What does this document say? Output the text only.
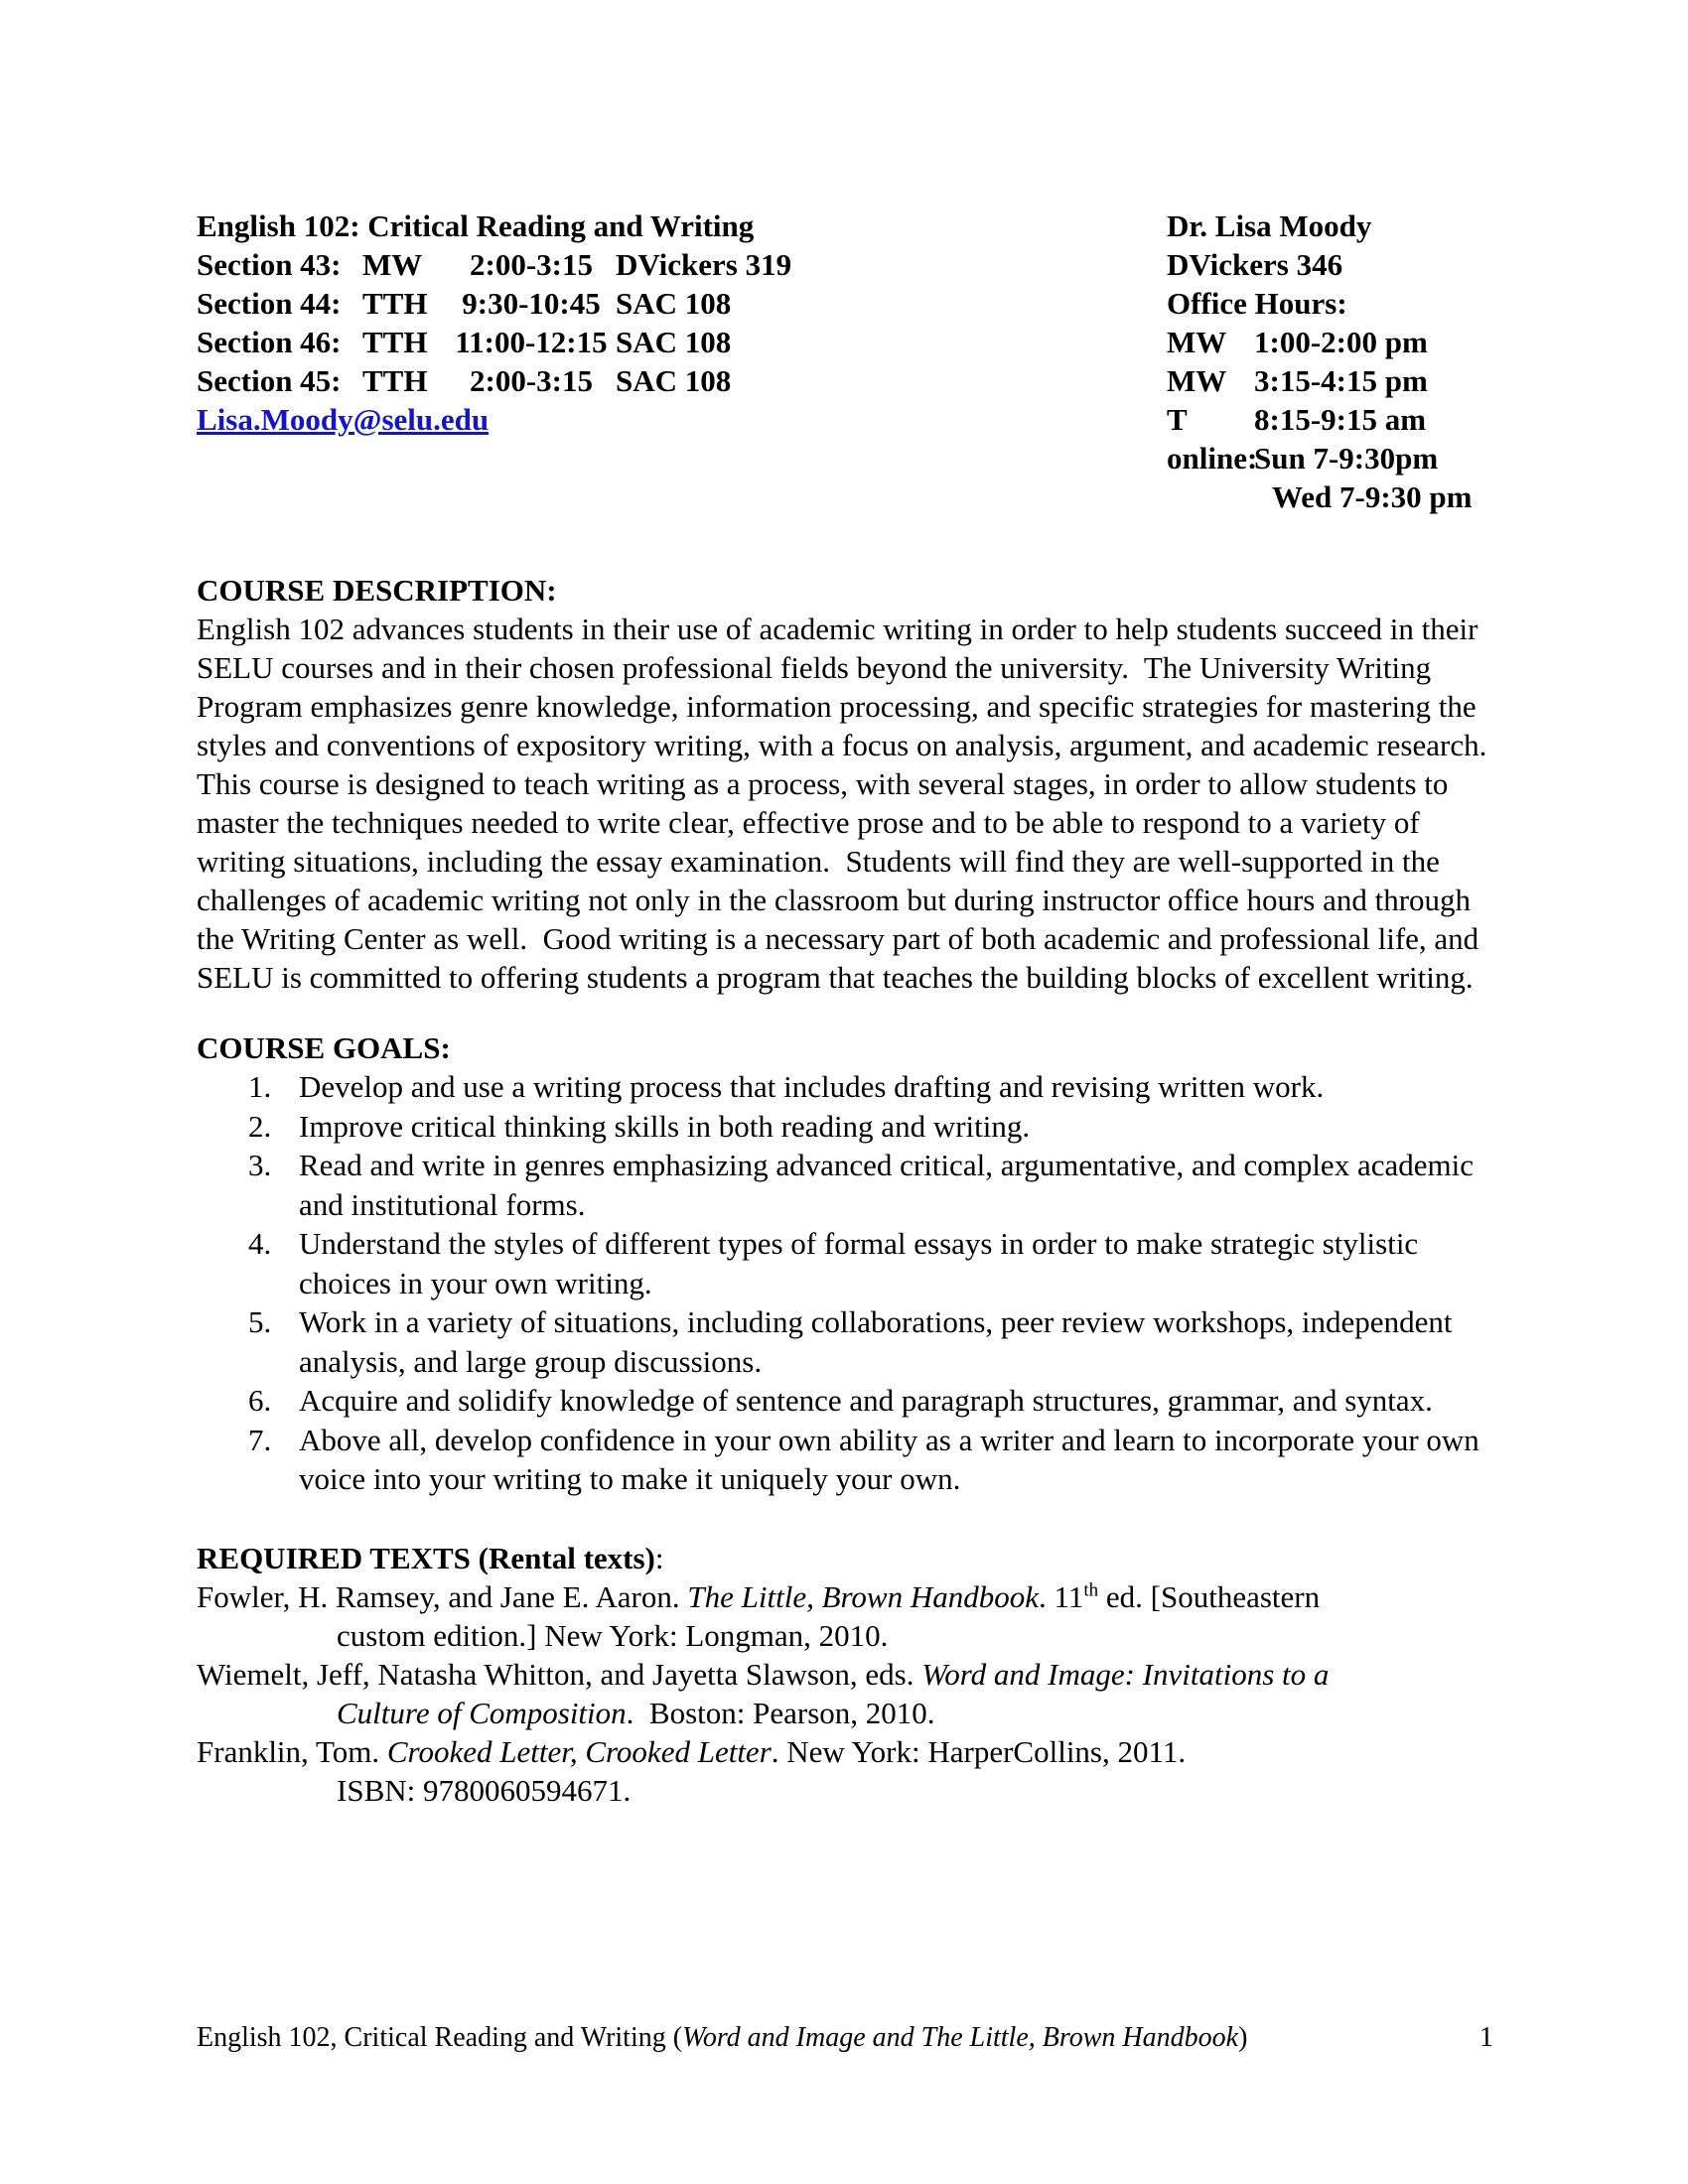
English 102: Critical Reading and Writing
Section 43: MW	2:00-3:15 DVickers 319
Section 44: TTH	9:30-10:45 SAC 108
Section 46: TTH 11:00-12:15 SAC 108
Section 45: TTH	2:00-3:15 SAC 108
Lisa.Moody@selu.edu
Dr. Lisa Moody
DVickers 346
Office Hours:
MW 1:00-2:00 pm
MW 3:15-4:15 pm
T	8:15-9:15 am
online:
Sun 7-9:30pm
Wed 7-9:30 pm
COURSE DESCRIPTION:
English 102 advances students in their use of academic writing in order to help students succeed in their SELU courses and in their chosen professional fields beyond the university.  The University Writing Program emphasizes genre knowledge, information processing, and specific strategies for mastering the styles and conventions of expository writing, with a focus on analysis, argument, and academic research.  This course is designed to teach writing as a process, with several stages, in order to allow students to master the techniques needed to write clear, effective prose and to be able to respond to a variety of writing situations, including the essay examination.  Students will find they are well-supported in the challenges of academic writing not only in the classroom but during instructor office hours and through the Writing Center as well.  Good writing is a necessary part of both academic and professional life, and SELU is committed to offering students a program that teaches the building blocks of excellent writing.
COURSE GOALS:
1. Develop and use a writing process that includes drafting and revising written work.
2. Improve critical thinking skills in both reading and writing.
3. Read and write in genres emphasizing advanced critical, argumentative, and complex academic and institutional forms.
4. Understand the styles of different types of formal essays in order to make strategic stylistic choices in your own writing.
5. Work in a variety of situations, including collaborations, peer review workshops, independent analysis, and large group discussions.
6. Acquire and solidify knowledge of sentence and paragraph structures, grammar, and syntax.
7. Above all, develop confidence in your own ability as a writer and learn to incorporate your own voice into your writing to make it uniquely your own.
REQUIRED TEXTS (Rental texts):
Fowler, H. Ramsey, and Jane E. Aaron. The Little, Brown Handbook. 11th ed. [Southeastern
custom edition.] New York: Longman, 2010.
Wiemelt, Jeff, Natasha Whitton, and Jayetta Slawson, eds. Word and Image: Invitations to a
Culture of Composition.  Boston: Pearson, 2010.
Franklin, Tom. Crooked Letter, Crooked Letter. New York: HarperCollins, 2011.
ISBN: 9780060594671.
English 102, Critical Reading and Writing (Word and Image and The Little, Brown Handbook)	1
